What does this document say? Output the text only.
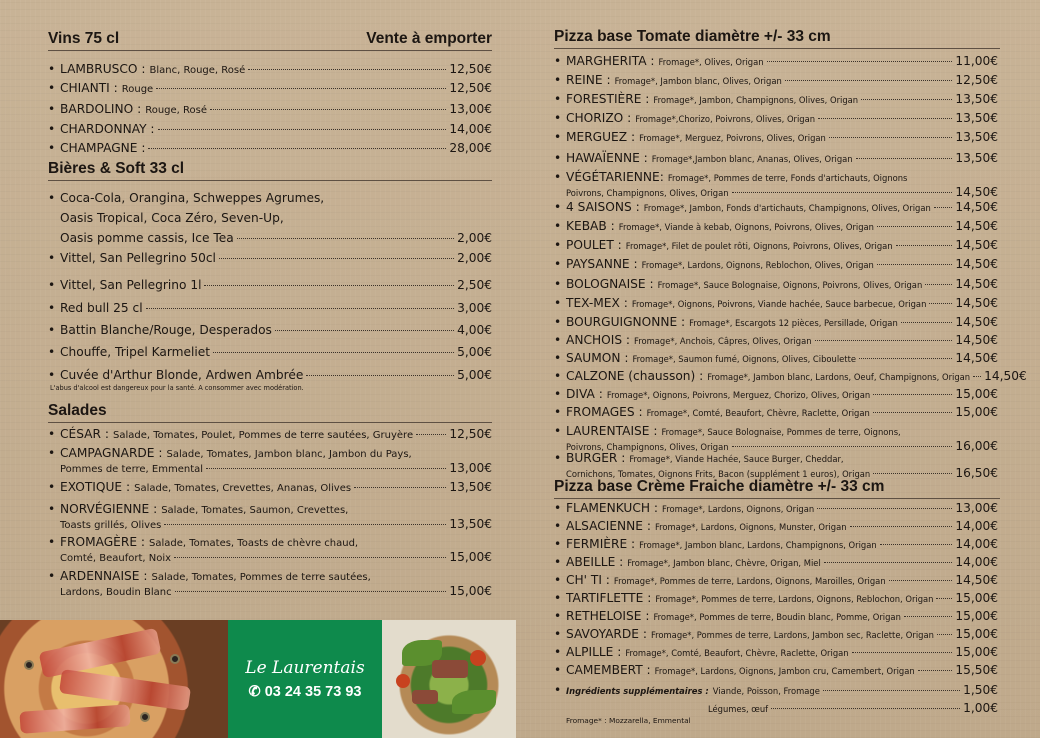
Vins 75 cl	Vente à emporter
• LAMBRUSCO : Blanc, Rouge, Rosé	12,50€
• CHIANTI : Rouge	12,50€
• BARDOLINO : Rouge, Rosé	13,00€
• CHARDONNAY :	14,00€
• CHAMPAGNE :	28,00€
Bières & Soft 33 cl
• Coca-Cola, Orangina, Schweppes Agrumes,
Oasis Tropical, Coca Zéro, Seven-Up,
Oasis pomme cassis, Ice Tea	2,00€
• Vittel, San Pellegrino 50cl	2,00€
• Vittel, San Pellegrino 1l	2,50€
• Red bull 25 cl	3,00€
• Battin Blanche/Rouge, Desperados	4,00€
• Chouffe, Tripel Karmeliet	5,00€
• Cuvée d'Arthur Blonde, Ardwen Ambrée	5,00€
L'abus d'alcool est dangereux pour la santé. A consommer avec modération.
Salades
• CÉSAR : Salade, Tomates, Poulet, Pommes de terre sautées, Gruyère	12,50€
• CAMPAGNARDE : Salade, Tomates, Jambon blanc, Jambon du Pays,
Pommes de terre, Emmental	13,00€
• EXOTIQUE : Salade, Tomates, Crevettes, Ananas, Olives	13,50€
• NORVÉGIENNE : Salade, Tomates, Saumon, Crevettes,
Toasts grillés, Olives	13,50€
• FROMAGÈRE : Salade, Tomates, Toasts de chèvre chaud,
Comté, Beaufort, Noix	15,00€
• ARDENNAISE : Salade, Tomates, Pommes de terre sautées,
Lardons, Boudin Blanc	15,00€
Le Laurentais
✆ 03 24 35 73 93
Pizza base Tomate diamètre +/- 33 cm
Pizza base Crème Fraiche diamètre +/- 33 cm
• MARGHERITA : Fromage*, Olives, Origan	11,00€
• REINE : Fromage*, Jambon blanc, Olives, Origan	12,50€
• FORESTIÈRE : Fromage*, Jambon, Champignons, Olives, Origan	13,50€
• CHORIZO : Fromage*,Chorizo, Poivrons, Olives, Origan	13,50€
• MERGUEZ : Fromage*, Merguez, Poivrons, Olives, Origan	13,50€
• HAWAÏENNE : Fromage*,Jambon blanc, Ananas, Olives, Origan	13,50€
• VÉGÉTARIENNE: Fromage*, Pommes de terre, Fonds d'artichauts, Oignons
Poivrons, Champignons, Olives, Origan	14,50€
• 4 SAISONS : Fromage*, Jambon, Fonds d'artichauts, Champignons, Olives, Origan 14,50€
• KEBAB : Fromage*, Viande à kebab, Oignons, Poivrons, Olives, Origan	14,50€
• POULET : Fromage*, Filet de poulet rôti, Oignons, Poivrons, Olives, Origan	14,50€
• PAYSANNE : Fromage*, Lardons, Oignons, Reblochon, Olives, Origan	14,50€
• BOLOGNAISE : Fromage*, Sauce Bolognaise, Oignons, Poivrons, Olives, Origan	14,50€
• TEX-MEX : Fromage*, Oignons, Poivrons, Viande hachée, Sauce barbecue, Origan 14,50€
• BOURGUIGNONNE : Fromage*, Escargots 12 pièces, Persillade, Origan	14,50€
• ANCHOIS : Fromage*, Anchois, Câpres, Olives, Origan	14,50€
• SAUMON : Fromage*, Saumon fumé, Oignons, Olives, Ciboulette	14,50€
• CALZONE (chausson) : Fromage*, Jambon blanc, Lardons, Oeuf, Champignons, Origan 14,50€
• DIVA : Fromage*, Oignons, Poivrons, Merguez, Chorizo, Olives, Origan	15,00€
• FROMAGES : Fromage*, Comté, Beaufort, Chèvre, Raclette, Origan	15,00€
• LAURENTAISE : Fromage*, Sauce Bolognaise, Pommes de terre, Oignons,
Poivrons, Champignons, Olives, Origan	16,00€
• BURGER : Fromage*, Viande Hachée, Sauce Burger, Cheddar,
Cornichons, Tomates, Oignons Frits, Bacon (supplément 1 euros), Origan	16,50€
• FLAMENKUCH : Fromage*, Lardons, Oignons, Origan	13,00€
• ALSACIENNE : Fromage*, Lardons, Oignons, Munster, Origan	14,00€
• FERMIÈRE : Fromage*, Jambon blanc, Lardons, Champignons, Origan	14,00€
• ABEILLE : Fromage*, Jambon blanc, Chèvre, Origan, Miel	14,00€
• CH' TI : Fromage*, Pommes de terre, Lardons, Oignons, Maroilles, Origan	14,50€
• TARTIFLETTE : Fromage*, Pommes de terre, Lardons, Oignons, Reblochon, Origan 15,00€
• RETHELOISE : Fromage*, Pommes de terre, Boudin blanc, Pomme, Origan	15,00€
• SAVOYARDE : Fromage*, Pommes de terre, Lardons, Jambon sec, Raclette, Origan 15,00€
• ALPILLE : Fromage*, Comté, Beaufort, Chèvre, Raclette, Origan	15,00€
• CAMEMBERT : Fromage*, Lardons, Oignons, Jambon cru, Camembert, Origan	15,50€
• Ingrédients supplémentaires : Viande, Poisson, Fromage	1,50€
Légumes, œuf	1,00€
Fromage* : Mozzarella, Emmental
